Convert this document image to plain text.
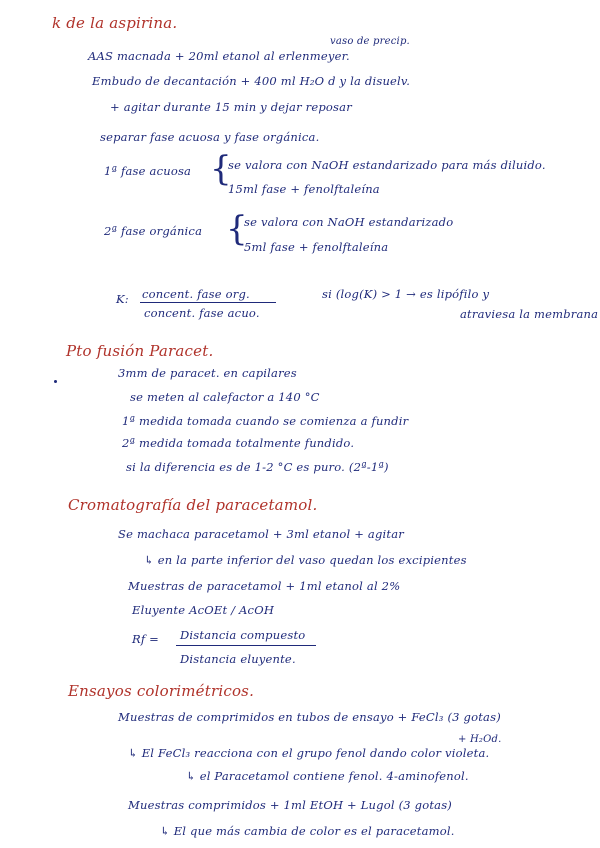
k de la aspirina.
vaso de precip.
AAS macnada + 20ml etanol al erlenmeyer.
Embudo de decantación + 400 ml H₂O d y la disuelv.
+ agitar durante 15 min y dejar reposar
separar fase acuosa y fase orgánica.
1ª fase acuosa {
se valora con NaOH estandarizado para más diluido.
15ml fase + fenolftaleína
2ª fase orgánica {
se valora con NaOH estandarizado
5ml fase + fenolftaleína
K: concent. fase org.
concent. fase acuo.
si (log(K) > 1 → es lipófilo y
atraviesa la membrana
Pto fusión Paracet.
3mm de paracet. en capilares
se meten al calefactor a 140 °C
1ª medida tomada cuando se comienza a fundir
2ª medida tomada totalmente fundido.
si la diferencia es de 1-2 °C es puro. (2ª-1ª)
Cromatografía del paracetamol.
Se machaca paracetamol + 3ml etanol + agitar
↳ en la parte inferior del vaso quedan los excipientes
Muestras de paracetamol + 1ml etanol al 2%
Eluyente AcOEt / AcOH
Rf = Distancia compuesto
Distancia eluyente.
Ensayos colorimétricos.
Muestras de comprimidos en tubos de ensayo + FeCl₃ (3 gotas)
+ H₂Od.
↳ El FeCl₃ reacciona con el grupo fenol dando color violeta.
↳ el Paracetamol contiene fenol. 4-aminofenol.
Muestras comprimidos + 1ml EtOH + Lugol (3 gotas)
↳ El que más cambia de color es el paracetamol.
